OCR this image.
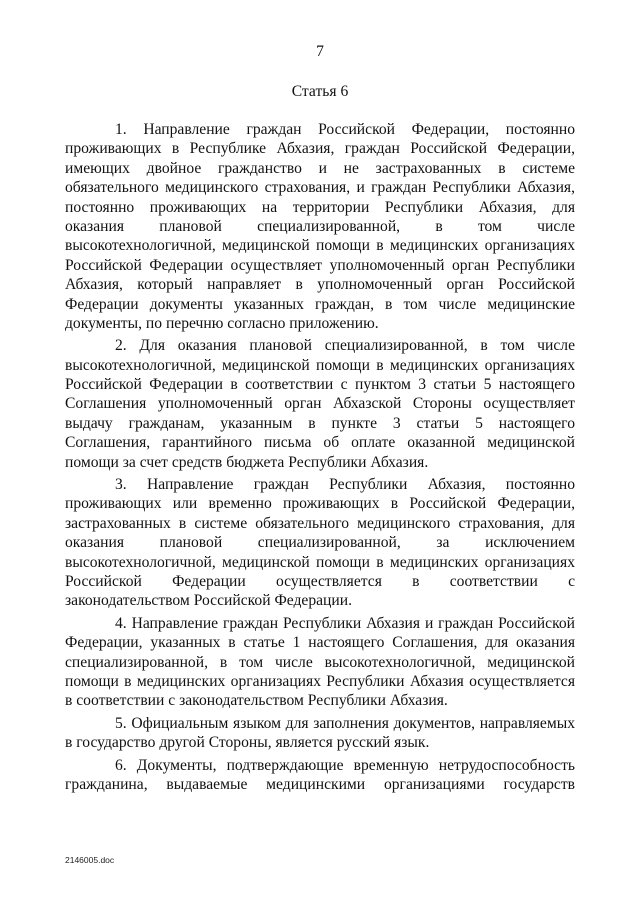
7
Статья 6
1. Направление граждан Российской Федерации, постоянно
проживающих в Республике Абхазия, граждан Российской Федерации,
имеющих двойное гражданство и не застрахованных в системе
обязательного медицинского страхования, и граждан Республики Абхазия,
постоянно проживающих на территории Республики Абхазия, для
оказания плановой специализированной, в том числе
высокотехнологичной, медицинской помощи в медицинских организациях
Российской Федерации осуществляет уполномоченный орган Республики
Абхазия, который направляет в уполномоченный орган Российской
Федерации документы указанных граждан, в том числе медицинские
документы, по перечню согласно приложению.
2. Для оказания плановой специализированной, в том числе
высокотехнологичной, медицинской помощи в медицинских организациях
Российской Федерации в соответствии с пунктом 3 статьи 5 настоящего
Соглашения уполномоченный орган Абхазской Стороны осуществляет
выдачу гражданам, указанным в пункте 3 статьи 5 настоящего
Соглашения, гарантийного письма об оплате оказанной медицинской
помощи за счет средств бюджета Республики Абхазия.
3. Направление граждан Республики Абхазия, постоянно
проживающих или временно проживающих в Российской Федерации,
застрахованных в системе обязательного медицинского страхования, для
оказания плановой специализированной, за исключением
высокотехнологичной, медицинской помощи в медицинских организациях
Российской Федерации осуществляется в соответствии с
законодательством Российской Федерации.
4. Направление граждан Республики Абхазия и граждан Российской
Федерации, указанных в статье 1 настоящего Соглашения, для оказания
специализированной, в том числе высокотехнологичной, медицинской
помощи в медицинских организациях Республики Абхазия осуществляется
в соответствии с законодательством Республики Абхазия.
5. Официальным языком для заполнения документов, направляемых
в государство другой Стороны, является русский язык.
6. Документы, подтверждающие временную нетрудоспособность
гражданина, выдаваемые медицинскими организациями государств
2146005.doc
